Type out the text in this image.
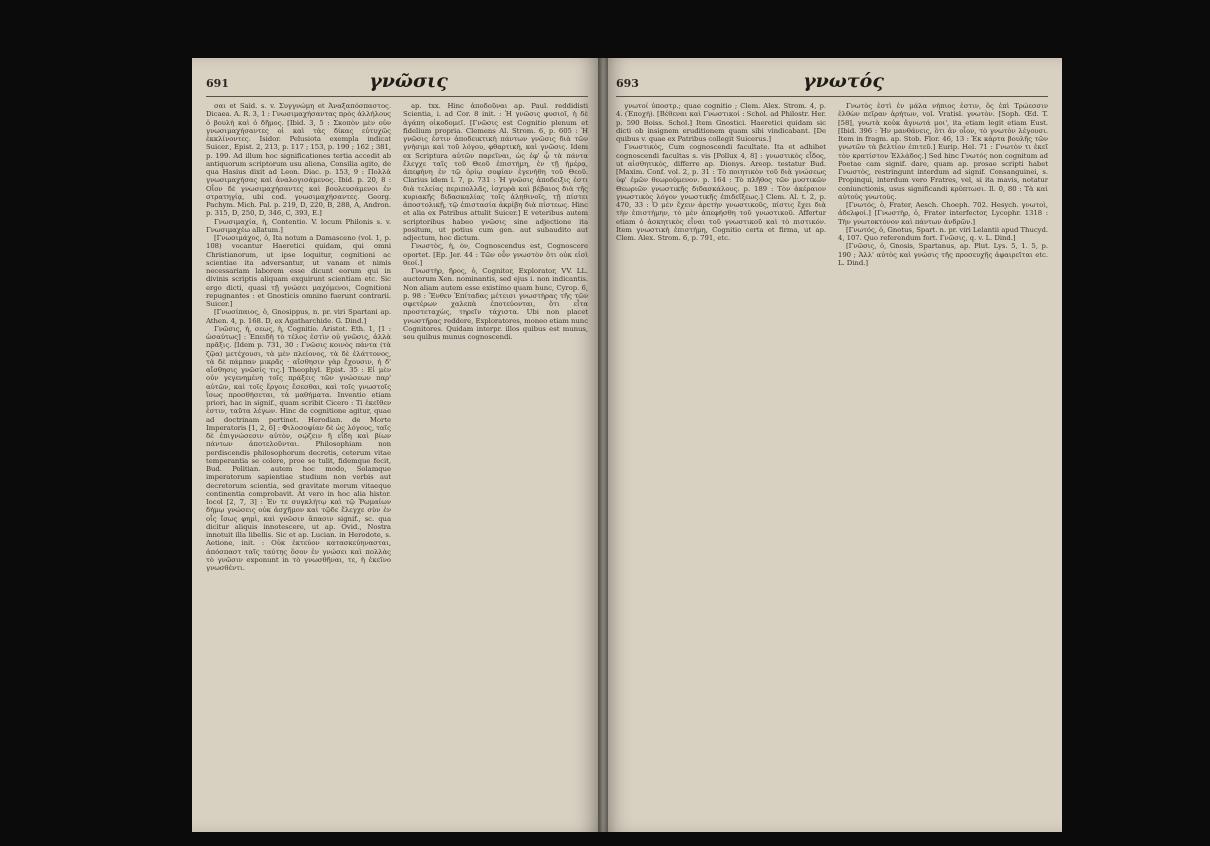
691	γνῶσις

σαι et Said. s. v. Συγγνώμη et Ἀναξαπόσπαστος. Dicaea. A. R. 3, 1 : Γνωσιμαχήσαντας πρὸς ἀλλήλους ὁ βουλὴ καὶ ὁ δῆμος. [Ibid. 3, 5 : Σκοπὸν μὲν οὐν γνωσιμαχήσαντες οἱ καὶ τὰς δίκας εὐτυχῶς ἐκκλίνοντες. Isidor. Pelusiota exempla indicat Suicer., Epist. 2, 213, p. 117 ; 153, p. 199 ; 162 ; 381, p. 199. Ad illum hoc significationes tertia accedit ab antiquorum scriptorum usu aliena, Consilia agito, de qua Hasius dixit ad Leon. Diac. p. 153, 9 : Πολλὰ γνωσιμαχήσας καὶ ἀναλογισάμενος. Ibid. p. 20, 8 : Οἷον δὲ γνωσιμαχήσαντες καὶ βουλευσάμενοι ἐν στρατηγίᾳ, ubi cod. γνωσιμαχήσαντες. Georg. Pachym. Mich. Pal. p. 219, D, 220, B, 288, A, Andron. p. 315, D, 250, D, 346, C, 393, E.]

Γνωσιμαχία, ἡ, Contentio. V. locum Philonis s. v. Γνωσιμαχέω allatum.]

[Γνωσιμάχος, ὁ, Ita notum a Damasceno (vol. 1, p. 108) vocantur Haeretici quidam, qui omni Christianorum, ut ipse loquitur, cognitioni ac scientiae ita adversantur, ut vanam et nimis necessariam laborem esse dicunt eorum qui in divinis scriptis aliquam exquirunt scientiam etc. Sic ergo dicti, quasi τῇ γνώσει μαχόμενοι, Cognitioni repugnantes : et Gnosticis omnino fuerunt contrarii. Suicer.]

[Γνωσίπαιος, ὁ, Gnosippus, n. pr. viri Spartani ap. Athen. 4, p. 168. D, ex Agatharchide. G. Dind.]

Γνῶσις, ἡ, σεως, ἡ, Cognitio. Aristot. Eth. 1, [1 : ὡσαύτως] : Ἐπειδὴ τὸ τέλος ἐστὶν οὐ γνῶσις, ἀλλὰ πρᾶξις. [Idem p. 731, 30 : Γνῶσις κοινὸς πάντα (τὰ ζῷα) μετέχουσι, τὰ μὲν πλείονος, τὰ δὲ ἐλάττονος, τὰ δὲ πάμπαν μικρᾶς · αἴσθησιν γὰρ ἔχουσιν, ἡ δ' αἴσθησις γνῶσίς τις.] Theophyl. Epist. 35 : Εἰ μὲν οὐν γεγενημένη τοῖς πράξεις τῶν γνώσεων παρ' αὐτῶν, καὶ τοῖς ἔργοις ἔσεσθαι, καὶ τοῖς γνωστοῖς ἴσως προσθήσεται, τὰ μαθήματα. Inventio etiam priori, hac in signif., quam scribit Cicero : Ti ἐκεῖθεν ἐστιν, ταῦτα λέγων. Hinc de cognitione agitur, quae ad doctrinam pertinet. Herodian. de Morte Imperatoris [1, 2, 6] : Φιλοσοφίαν δὲ ὡς λόγους, ταῖς δὲ ἐπιγνώσεσιν αὐτὸν, σῴζειν ἢ εἶδη καὶ βίων πάντων ἀποτελοῦνται. Philosophiam non perdiscendis philosophorum decretis, ceterum vitae temperantia se colere, proe se tulit, fidemque fecit, Bud. Politian. autem hoc modo, Solamque imperatorum sapientiae studium non verbis aut decretorum scientia, sed gravitate morum vitaeque continentia comprobavit. At vero in hoc alia histor. Iocol [2, 7, 3] : Ἐν τε συγκλήτῳ καὶ τῷ Ῥωμαίων δήμῳ γνώσεις οὐκ ἀσχῆμον καὶ τῷδε ἕλεγχε σὺν ἐν οἷς ἴσως φημὶ, καὶ γνῶσιν ἅπασιν signif., sc. qua dicitur aliquis innotescere, ut ap. Ovid., Nostra innotuit illa libellis. Sic et ap. Lucian. in Herodote, s. Aetione, init. : Οὐκ ἐκτεύον κατασκεύηνασται, ἀπόσπαστ ταῖς ταύτης ὅσον ἐν γνώσει καὶ πολλὰς τὸ γνῶσιν exponunt in τὸ γνωσθῆναι, τε, ἡ ἐκεῖνο γνωσθέντι.

ap. txx. Hinc ἀποδοῦναι ap. Paul. reddidisti Scientia, i. ad Cor. 8 init. : Ἡ γνῶσις φυσιοῖ, ἡ δὲ ἀγάπη οἰκοδομεῖ. [Γνῶσις est Cognitio plenum et fidelium propria. Clemens Al. Strom. 6, p. 605 : Ἡ γνῶσις ἐστιν ἀποδεικτικὴ πάντων γνῶσις διὰ τῶν γνήσιμι καὶ τοῦ λόγου, φθαρτικὴ, καὶ γνῶσις. Idem ex Scriptura αὐτῶν παρεῖναι, ὡς ἐφ' ᾧ τὰ πάντα ἔλεγχε ταῖς τοῦ Θεοῦ ἐπιστήμη, ἐν τῇ ἡμέρᾳ, ἀπεφήνη ἐν τῷ ὁρίῳ σοφίαν ἐγενήθη τοῦ Θεοῦ. Clarius idem l. 7, p. 731 : Ἡ γνῶσις ἀποδειξις ἐστι διὰ τελείας περιπολλᾶς, ἰσχυρὰ καὶ βέβαιος διὰ τῆς κυριακῆς διδασκαλίας τοῖς ἀληθινοῖς, τῇ πίστει ἀποστολικῇ, τῷ ἐπιστασία ἀκρίβη διὰ πίστεως. Hinc et alia ex Patribus attulit Suicer.] E veteribus autem scriptoribus habeo γνῶσις sine adjectione ita positum, ut potius cum gen. aut subaudito aut adjectum, hoc dictum.

Γνωστὸς, ἡ, ὸν, Cognoscendus est, Cognoscere oportet. [Ep. Jer. 44 : Τῶν οὖν γνωστὸν ὅτι οὐκ εἰσὶ θεοί.]

Γνωστὴρ, ῆρος, ὁ, Cognitor, Explorator, VV. LL. auctorum Xen. nominantis, sed ejus i. non indicantis. Non aliam autem esse existimo quam hunc, Cyrop. 6, p. 98 : Ἔνθεν Ἐπίταδας μέτεισι γνωστὴρας τῆς τῶν σφετέρων χαλεπὰ ἐποτεύονται, ὅτι εἶτα προστεταχὼς, τηρεῖν τάχιστα. Ubi non placet γνωστῆρας reddere, Exploratores, moneo etiam nunc Cognitores. Quidam interpr. illos quibus est munus, seu quibus munus cognoscendi.

693	γνωτός

γνωτοί ὑποστρ.; quae cognitio ; Clem. Alex. Strom. 4, p. 4. (Ἐποχή). [Βέθεναι καὶ Γνωστικοί : Schol. ad Philostr. Her. p. 590 Boiss. Schol.] Item Gnostici. Haeretici quidam sic dicti ob insignem eruditionem quam sibi vindicabant. [De quibus v. quae ex Patribus collegit Suicerus.]

Γνωστικὸς, Cum cognoscendi facultate. Ita et adhibet cognoscendi facultas s. vis [Pollux 4, 8] : γνωστικὸς εἶδος, ut αἰσθητικὸς, differre ap. Dionys. Areop. testatur Bud. [Maxim. Conf. vol. 2, p. 31 : Τὸ ποιητικὸν τοῦ διὰ γνώσεως ὑφ' ἐμῶν θεωρούμενον. p. 164 : Τὸ πλῆθος τῶν μυστικῶν Θεωριῶν γνωστικῆς διδασκάλους. p. 189 : Τὸν ἀκέραιον γνωστικὸς λόγον γνωστικῆς ἐπιδεῖξεως.] Clem. Al. t. 2, p. 470, 33 : Ὁ μὲν ἔχειν ἀρετὴν γνωστικοῦς, πίστις ἔχει διὰ τὴν ἐπιστήμην, τὸ μὲν ἀπεφήσθη τοῦ γνωστικοῦ. Affertur etiam ὁ ἀσκητικὸς εἶναι τοῦ γνωστικοῦ καὶ τὸ πιστικόν. Item γνωστικὴ ἐπιστήμη, Cognitio certa et firma, ut ap. Clem. Alex. Strom. 6, p. 791, etc.

Γνωτὸς ἐστὶ ἐν μάλα νήπιος ἐστιν, ὅς ἐπὶ Τρώεσσιν ἐλθὼν πεῖραν ἀρήτων, vol. Vratisl. γνωτὸν. [Soph. Œd. T. [58], γνωτὰ κοὐκ ἄγνωτά μοι', ita etiam legit etiam Eust. [Ibid. 396 : Ἡν μανθάνεις, ὅτι ἀν οἷον, τὸ γνωτὸν λέγουσι. Item in fragm. ap. Stob. Flor. 46, 13 : Ἐκ κάρτα βουλῆς τῶν γνωτῶν τὰ βελτίον ἐπιτεῦ.] Eurip. Hel. 71 : Γνωτὸν τι ἐκεῖ τὸν κρατίστον Ἑλλάδος.] Sed hinc Γνωτός non cognitum ad Poetae cam signif. dare, quam ap. prosae scripti habet Γνωστὸς, restringunt interdum ad signif. Consanguinei, s. Propinqui, interdum vero Fratres, vel, si ita mavis, notatur coniunctionis, usus significandi κρύπτωσι. Il. 0, 80 : Τὰ καὶ αὐτοὺς γνωτοὺς.

[Γνωτός, ὁ, Frater, Aesch. Choeph. 702. Hesych. γνωτοὶ, ἀδελφοί.] [Γνωστὴρ, ὁ, Frater interfector, Lycophr. 1318 : Τὴν γνωτοκτόνον καὶ πάντων ἀνδρῶν.]

[Γνωτός, ὁ, Gnotus, Spart. n. pr. viri Lelantii apud Thucyd. 4, 107. Quo referendum fort. Γνῶσις, q. v. L. Dind.]

[Γνῶσις, ὁ, Gnosis, Spartanus, ap. Plut. Lys. 5, 1. 5, p. 190 ; Ἀλλ' αὐτὸς καὶ γνώσις τῆς προσευχῆς ἀφαιρεῖται etc. L. Dind.]
